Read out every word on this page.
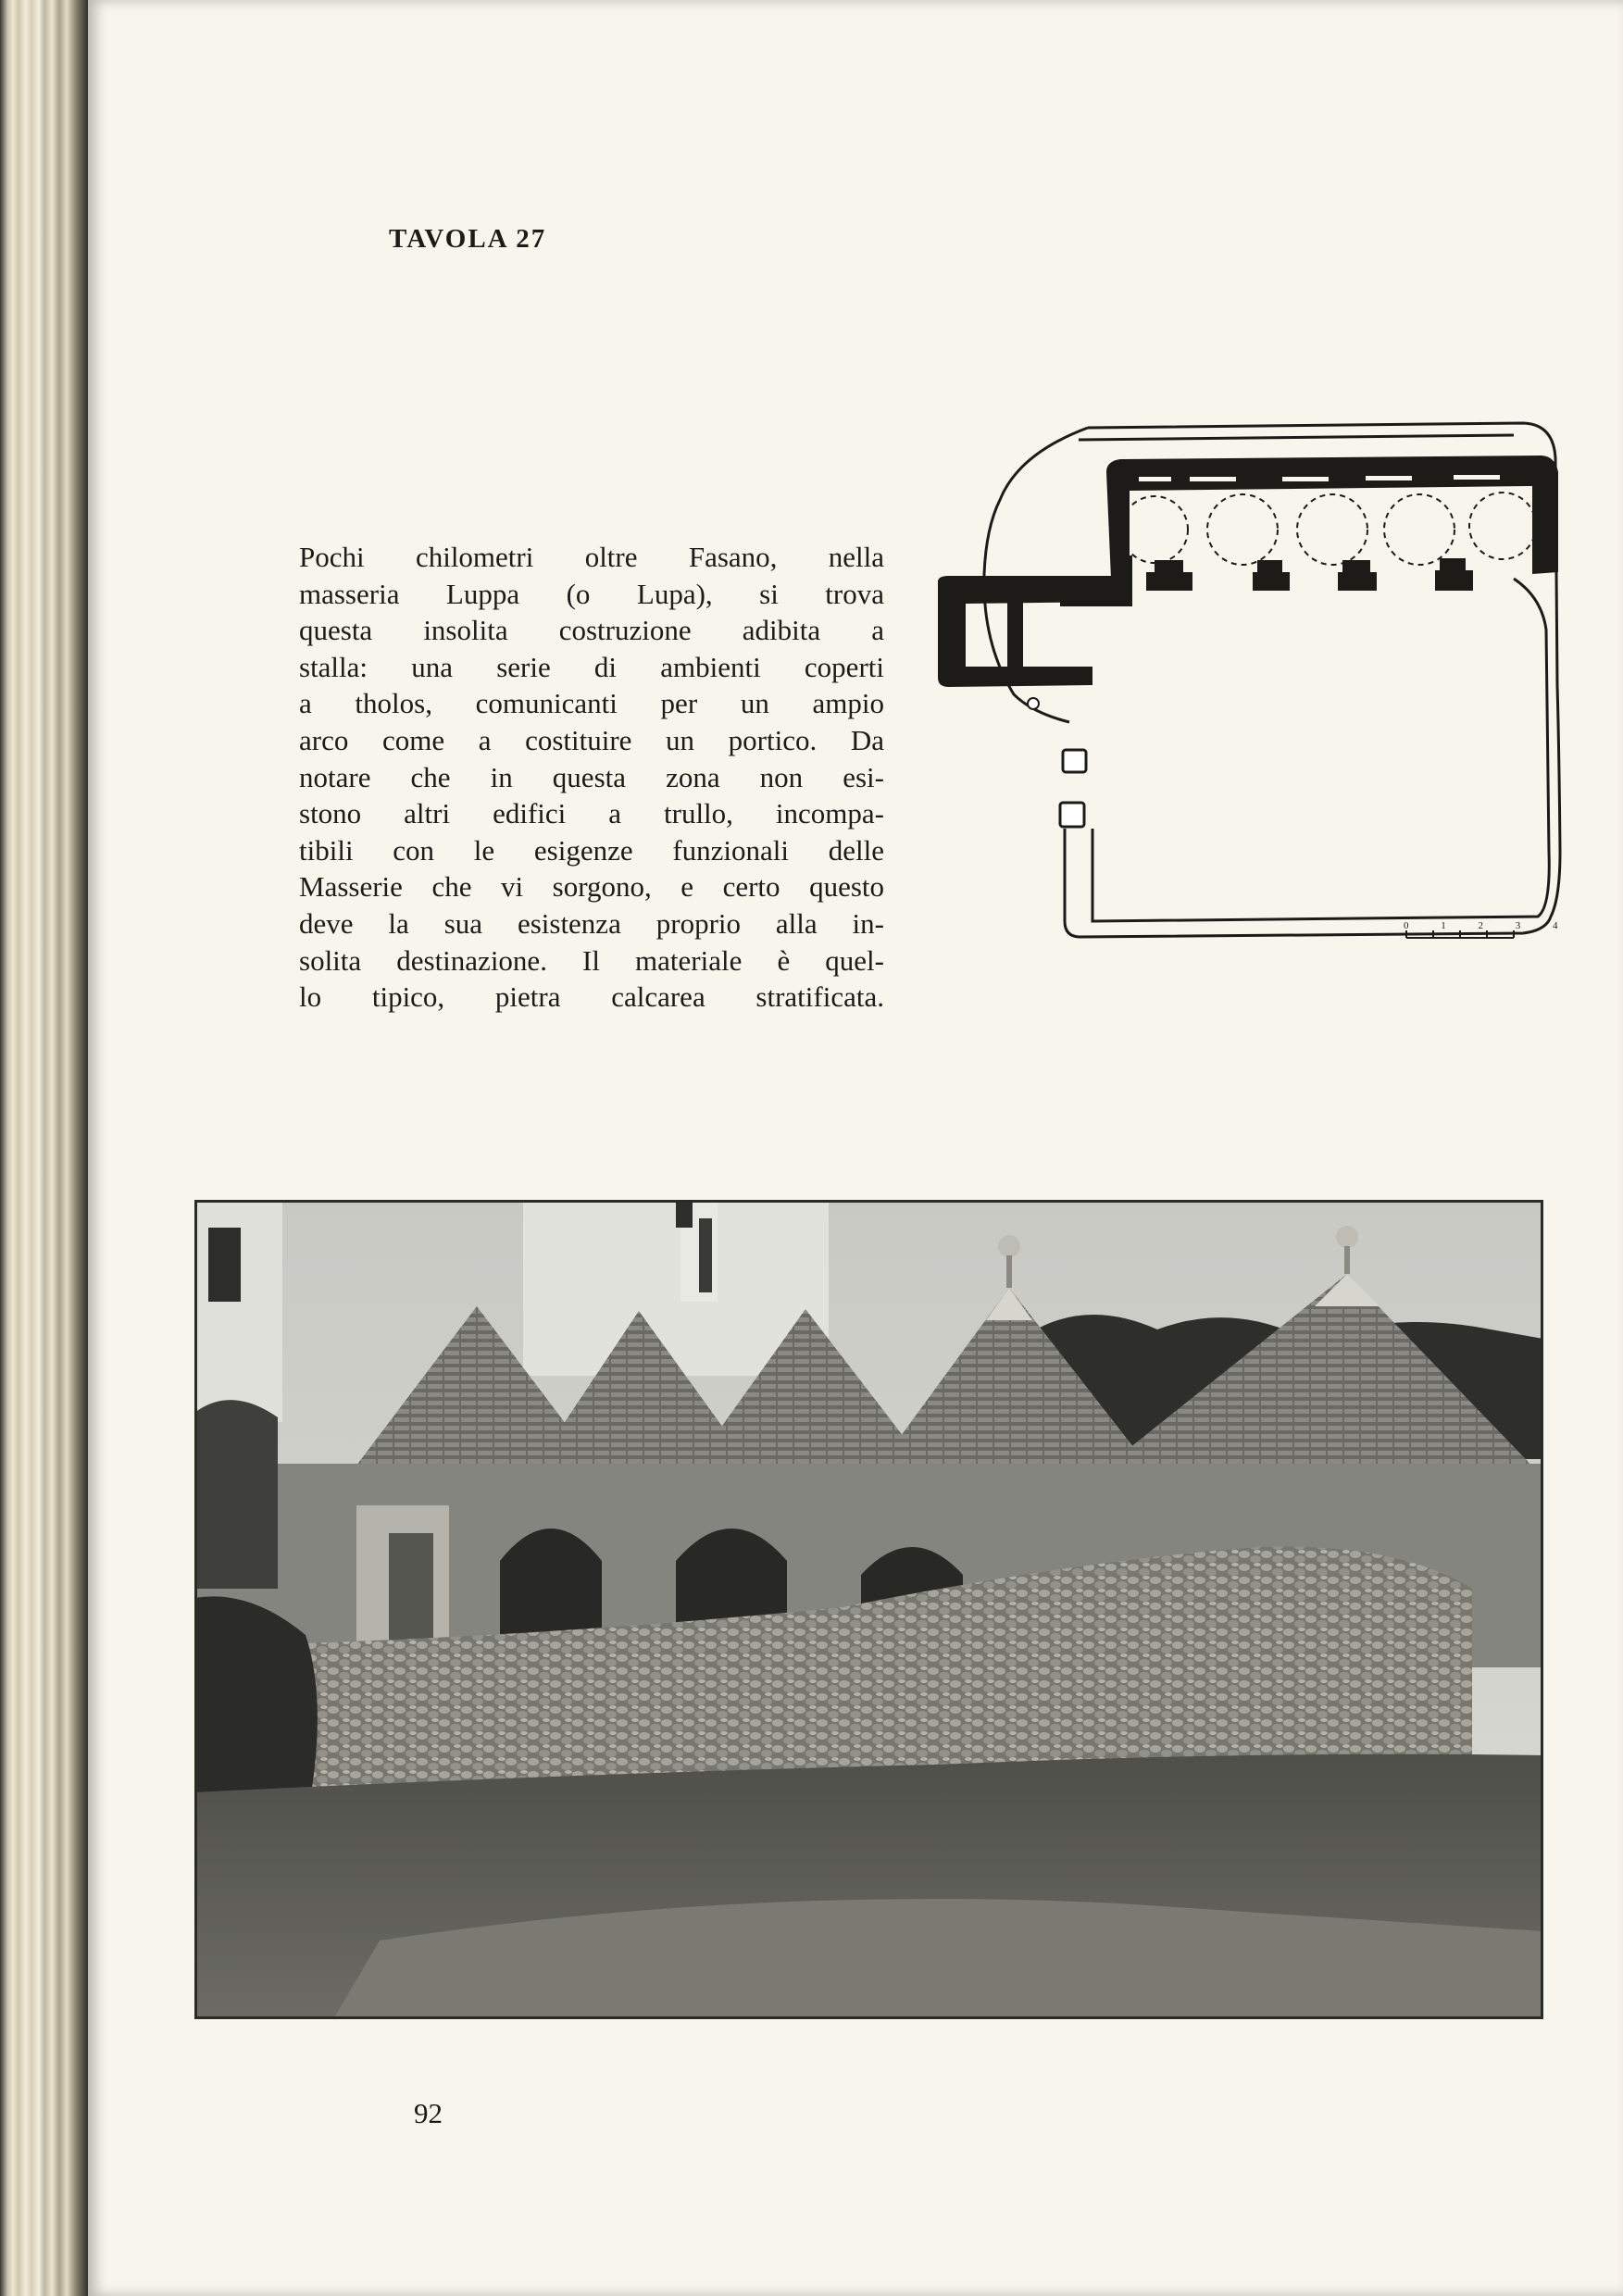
TAVOLA 27
Pochi chilometri oltre Fasano, nella
masseria Luppa (o Lupa), si trova
questa insolita costruzione adibita a
stalla: una serie di ambienti coperti
a tholos, comunicanti per un ampio
arco come a costituire un portico. Da
notare che in questa zona non esi-
stono altri edifici a trullo, incompa-
tibili con le esigenze funzionali delle
Masserie che vi sorgono, e certo questo
deve la sua esistenza proprio alla in-
solita destinazione. Il materiale è quel-
lo tipico, pietra calcarea stratificata.
0 1 2 3 4
92
